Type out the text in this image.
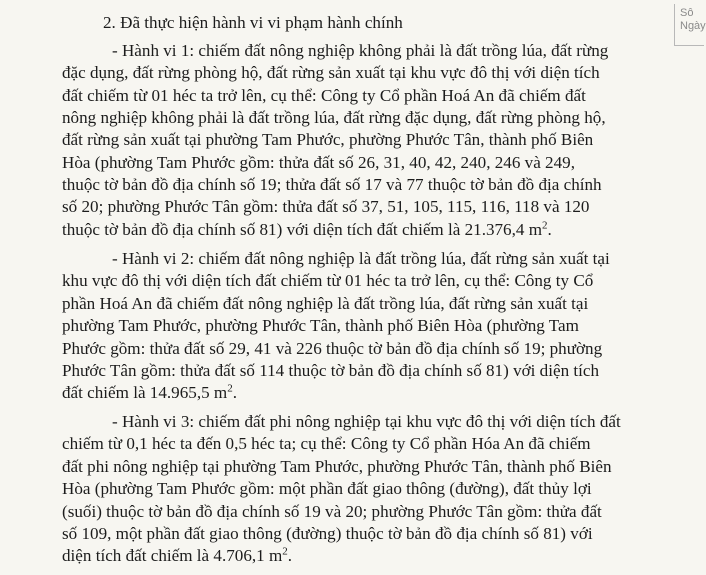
Sô
Ngày
2. Đã thực hiện hành vi vi phạm hành chính
- Hành vi 1: chiếm đất nông nghiệp không phải là đất trồng lúa, đất rừng
đặc dụng, đất rừng phòng hộ, đất rừng sản xuất tại khu vực đô thị với diện tích
đất chiếm từ 01 héc ta trở lên, cụ thể: Công ty Cổ phần Hoá An đã chiếm đất
nông nghiệp không phải là đất trồng lúa, đất rừng đặc dụng, đất rừng phòng hộ,
đất rừng sản xuất tại phường Tam Phước, phường Phước Tân, thành phố Biên
Hòa (phường Tam Phước gồm: thửa đất số 26, 31, 40, 42, 240, 246 và 249,
thuộc tờ bản đồ địa chính số 19; thửa đất số 17 và 77 thuộc tờ bản đồ địa chính
số 20; phường Phước Tân gồm: thửa đất số 37, 51, 105, 115, 116, 118 và 120
thuộc tờ bản đồ địa chính số 81) với diện tích đất chiếm là 21.376,4 $m^2$.
- Hành vi 2: chiếm đất nông nghiệp là đất trồng lúa, đất rừng sản xuất tại
khu vực đô thị với diện tích đất chiếm từ 01 héc ta trở lên, cụ thể: Công ty Cổ
phần Hoá An đã chiếm đất nông nghiệp là đất trồng lúa, đất rừng sản xuất tại
phường Tam Phước, phường Phước Tân, thành phố Biên Hòa (phường Tam
Phước gồm: thửa đất số 29, 41 và 226 thuộc tờ bản đồ địa chính số 19; phường
Phước Tân gồm: thửa đất số 114 thuộc tờ bản đồ địa chính số 81) với diện tích
đất chiếm là 14.965,5 $m^2$.
- Hành vi 3: chiếm đất phi nông nghiệp tại khu vực đô thị với diện tích đất
chiếm từ 0,1 héc ta đến 0,5 héc ta; cụ thể: Công ty Cổ phần Hóa An đã chiếm
đất phi nông nghiệp tại phường Tam Phước, phường Phước Tân, thành phố Biên
Hòa (phường Tam Phước gồm: một phần đất giao thông (đường), đất thủy lợi
(suối) thuộc tờ bản đồ địa chính số 19 và 20; phường Phước Tân gồm: thửa đất
số 109, một phần đất giao thông (đường) thuộc tờ bản đồ địa chính số 81) với
diện tích đất chiếm là 4.706,1 $m^2$.
